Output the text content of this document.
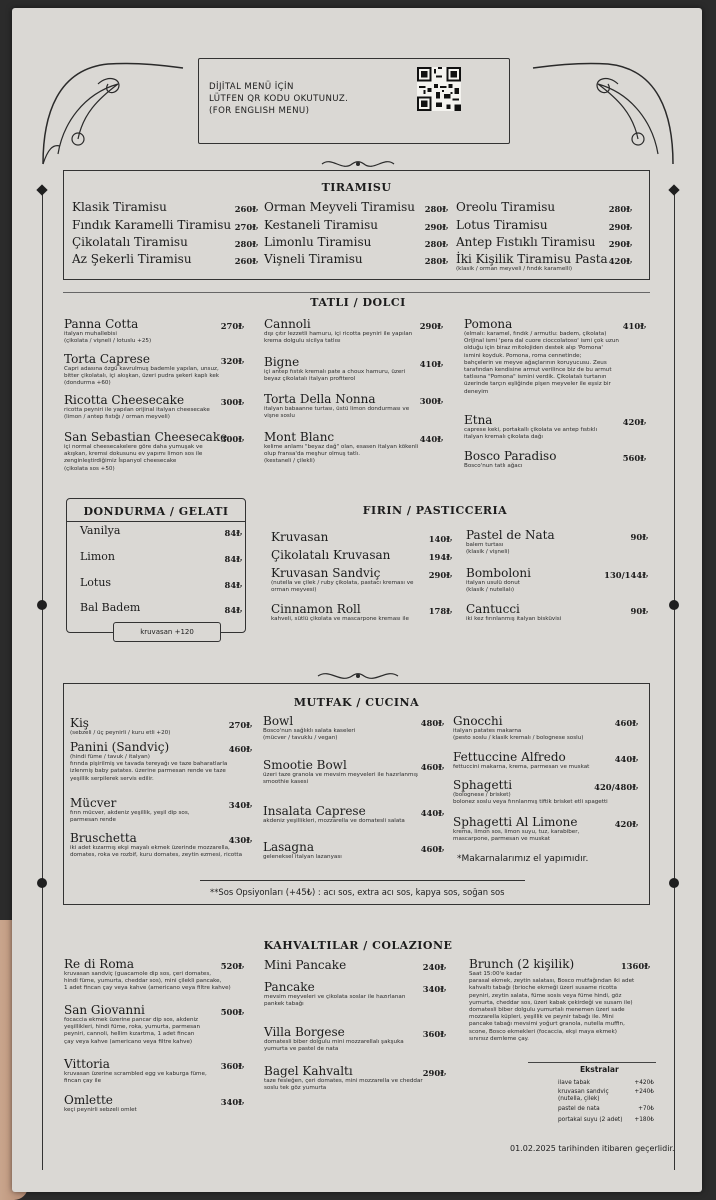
DİJİTAL MENÜ İÇİN
LÜTFEN QR KODU OKUTUNUZ.
(FOR ENGLISH MENU)
TIRAMISU
Klasik Tiramisu	260₺
Fındık Karamelli Tiramisu 270₺
Çikolatalı Tiramisu	280₺
Az Şekerli Tiramisu	260₺
Orman Meyveli Tiramisu 280₺
Kestaneli Tiramisu	290₺
Limonlu Tiramisu	280₺
Vişneli Tiramisu	280₺
Oreolu Tiramisu	280₺
Lotus Tiramisu	290₺
Antep Fıstıklı Tiramisu 290₺
İki Kişilik Tiramisu Pasta
(klasik / orman meyveli / fındık karamelli)
420₺
TATLI / DOLCI
Panna Cotta
italyan muhallebisi
(çikolata / vişneli / lotuslu +25)
270₺
Torta Caprese
Capri adasına özgü kavrulmuş bademle yapılan, unsuz,
bitter çikolatalı, içi akışkan, üzeri pudra şekeri kaplı kek
(dondurma +60)
320₺
Ricotta Cheesecake
ricotta peyniri ile yapılan orijinal italyan cheesecake
(limon / antep fıstığı / orman meyveli)
300₺
San Sebastian Cheesecake
içi normal cheesecakelere göre daha yumuşak ve
akışkan, kremsi dokusunu ev yapımı limon sos ile
zenginleştirdiğimiz İspanyol cheesecake
(çikolata sos +50)
300₺
Cannoli
dışı çıtır lezzetli hamuru, içi ricotta peyniri ile yapılan
krema dolgulu sicilya tatlısı
290₺
Bigne
içi antep fıstık kremalı pate a choux hamuru, üzeri
beyaz çikolatalı italyan profiterol
410₺
Torta Della Nonna
italyan babaanne turtası, üstü limon dondurması ve
vişne soslu
300₺
Mont Blanc
kelime anlamı "beyaz dağ" olan, esasen italyan kökenli
olup fransa'da meşhur olmuş tatlı.
(kestaneli / çilekli)
440₺
Pomona
(elmalı: karamel, fındık / armutlu: badem, çikolata)
Orijinal ismi 'pera dal cuore cioccolatoso' ismi çok uzun
olduğu için biraz mitolojiden destek alıp 'Pomona'
ismini koyduk. Pomona, roma cennetinde;
bahçelerin ve meyve ağaçlarının koruyucusu. Zeus
tarafından kendisine armut verilince biz de bu armut
tatlısına "Pomona" ismini verdik. Çikolatalı turtanın
üzerinde tarçın eşliğinde pişen meyveler ile eşsiz bir
deneyim
410₺
Etna
caprese keki, portakallı çikolata ve antep fıstıklı
italyan kremalı çikolata dağı
420₺
Bosco Paradiso
Bosco'nun tatlı ağacı
560₺
DONDURMA / GELATI
Vanilya	84₺
Limon	84₺
Lotus	84₺
Bal Badem	84₺
kruvasan +120
FIRIN / PASTICCERIA
Kruvasan	140₺
Çikolatalı Kruvasan	194₺
Kruvasan Sandviç
(nutella ve çilek / ruby çikolata, pastacı kreması ve
orman meyvesi)
290₺
Cinnamon Roll
kahveli, sütlü çikolata ve mascarpone kreması ile
178₺
Pastel de Nata
balem turtası
(klasik / vişneli)
90₺
Bomboloni
italyan usulü donut
(klasik / nutellalı)
130/144₺
Cantucci
iki kez fırınlanmış italyan bisküvisi
90₺
MUTFAK / CUCINA
Kiş
(sebzeli / üç peynirli / kuru etli +20)
270₺
Panini (Sandviç)
(hindi füme / tavuk / italyan)
fırında pişirilmiş ve tavada tereyağı ve taze baharatlarla
izlenmiş baby patates. üzerine parmesan rende ve taze
yeşillik serpilerek servis edilir.
460₺
Mücver
fırın mücver, akdeniz yeşillik, yeşil dip sos,
parmesan rende
340₺
Bruschetta
iki adet kızarmış ekşi mayalı ekmek üzerinde mozzarella,
domates, roka ve rozbif, kuru domates, zeytin ezmesi, ricotta
430₺
Bowl
Bosco'nun sağlıklı salata kaseleri
(mücver / tavuklu / vegan)
480₺
Smootie Bowl
üzeri taze granola ve mevsim meyveleri ile hazırlanmış
smoothie kasesi
460₺
Insalata Caprese
akdeniz yeşillikleri, mozzarella ve domatesli salata
440₺
Lasagna
geleneksel italyan lazanyası
460₺
Gnocchi
italyan patates makarna
(pesto soslu / klasik kremalı / bolognese soslu)
460₺
Fettuccine Alfredo
fettuccini makarna, krema, parmesan ve muskat
440₺
Sphagetti
(bolognese / brisket)
bolonez soslu veya fırınlanmış tiftik brisket etli spagetti
420/480₺
Sphagetti Al Limone
krema, limon sos, limon suyu, tuz, karabiber,
mascarpone, parmesan ve muskat
420₺
*Makarnalarımız el yapımıdır.
**Sos Opsiyonları (+45₺) : acı sos, extra acı sos, kapya sos, soğan sos
KAHVALTILAR / COLAZIONE
Re di Roma
kruvasan sandviç (guacamole dip sos, çeri domates,
hindi füme, yumurta, cheddar sos), mini çilekli pancake,
1 adet fincan çay veya kahve (americano veya filtre kahve)
520₺
San Giovanni
focaccia ekmek üzerine pancar dip sos, akdeniz
yeşillikleri, hindi füme, roka, yumurta, parmesan
peyniri, cannoli, hellim kızartma, 1 adet fincan
çay veya kahve (americano veya filtre kahve)
500₺
Vittoria
kruvasan üzerine scrambled egg ve kaburga füme,
fincan çay ile
360₺
Omlette
keçi peynirli sebzeli omlet
340₺
Mini Pancake	240₺
Pancake
mevsim meyveleri ve çikolata soslar ile hazırlanan
pankek tabağı
340₺
Villa Borgese
domatesli biber dolgulu mini mozzarellalı şakşuka
yumurta ve pastel de nata
360₺
Bagel Kahvaltı
taze fesleğen, çeri domates, mini mozzarella ve cheddar
soslu tek göz yumurta
290₺
Brunch (2 kişilik)
Saat 15:00'e kadar
parasal ekmek, zeytin salatası, Bosco mutfağından iki adet
kahvaltı tabağı (brioche ekmeği üzeri susame ricotta
peyniri, zeytin salata, füme sosis veya füme hindi, göz
yumurta, cheddar sos, üzeri kabak çekirdeği ve susam ile)
domatesli biber dolgulu yumurtalı menemen üzeri sade
mozzarella küpleri, yeşillik ve peynir tabağı ile. Mini
pancake tabağı mevsimi yoğurt granola, nutella muffin,
scone, Bosco ekmekleri (focaccia, ekşi maya ekmek)
sınırsız demleme çay.
1360₺
Ekstralar
ilave tabak	+420₺
kruvasan sandviç
(nutella, çilek)
+240₺
pastel de nata	+70₺
portakal suyu (2 adet) +180₺
01.02.2025 tarihinden itibaren geçerlidir.
